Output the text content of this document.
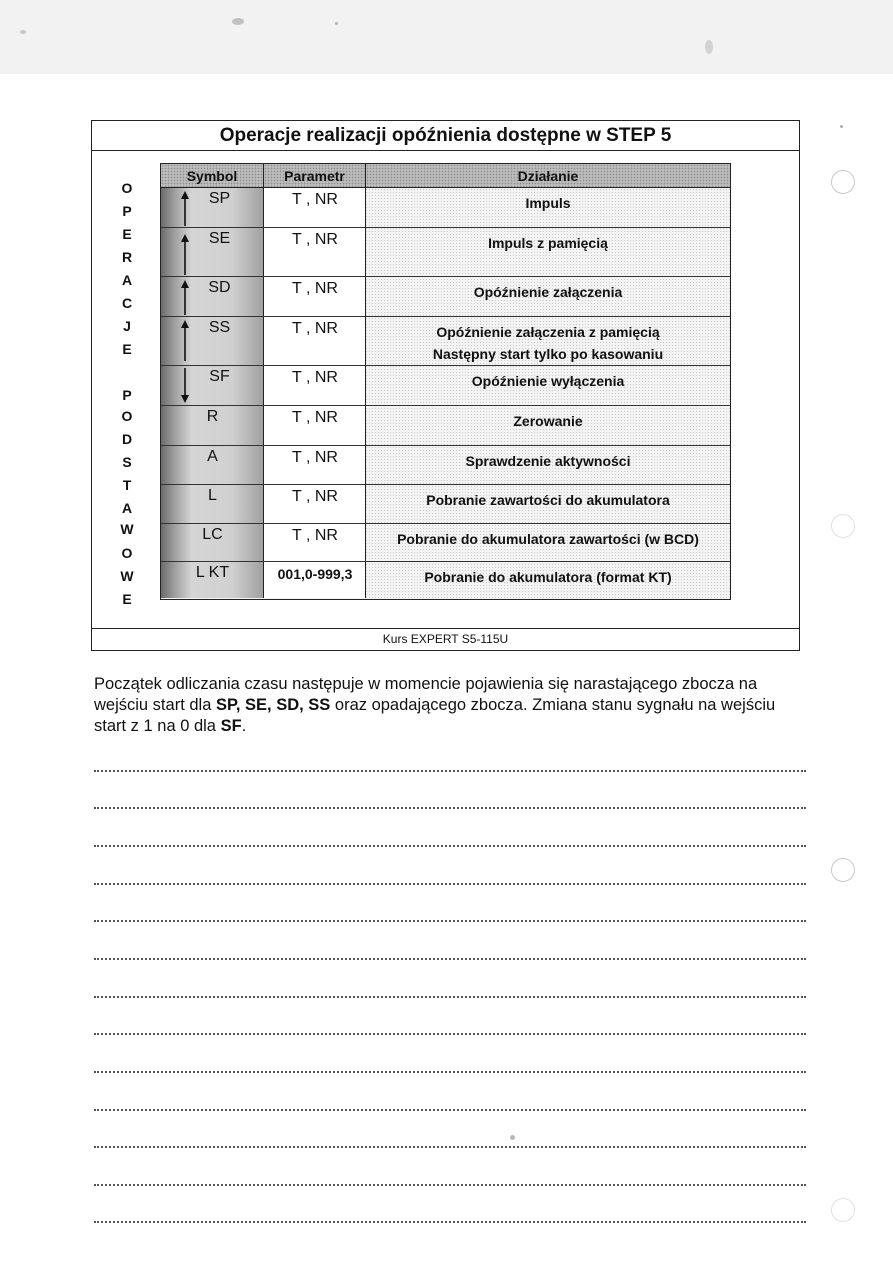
Operacje realizacji opóźnienia dostępne w STEP 5
Kurs EXPERT S5-115U
O
P
E
R
A
C
J
E
P
O
D
S
T
A
W
O
W
E
Symbol	Parametr	Działanie
SP	T , NR	Impuls
SE	T , NR	Impuls z pamięcią
SD	T , NR	Opóźnienie załączenia
SS	T , NR	Opóźnienie załączenia z pamięcią
Następny start tylko po kasowaniu
SF	T , NR	Opóźnienie wyłączenia
R	T , NR	Zerowanie
A	T , NR	Sprawdzenie aktywności
L	T , NR	Pobranie zawartości do akumulatora
LC	T , NR	Pobranie do akumulatora zawartości (w BCD)
L KT	001,0-999,3	Pobranie do akumulatora (format KT)
Początek odliczania czasu następuje w momencie pojawienia się narastającego zbocza na wejściu start dla SP, SE, SD, SS oraz opadającego zbocza. Zmiana stanu sygnału na wejściu start z 1 na 0 dla SF.
